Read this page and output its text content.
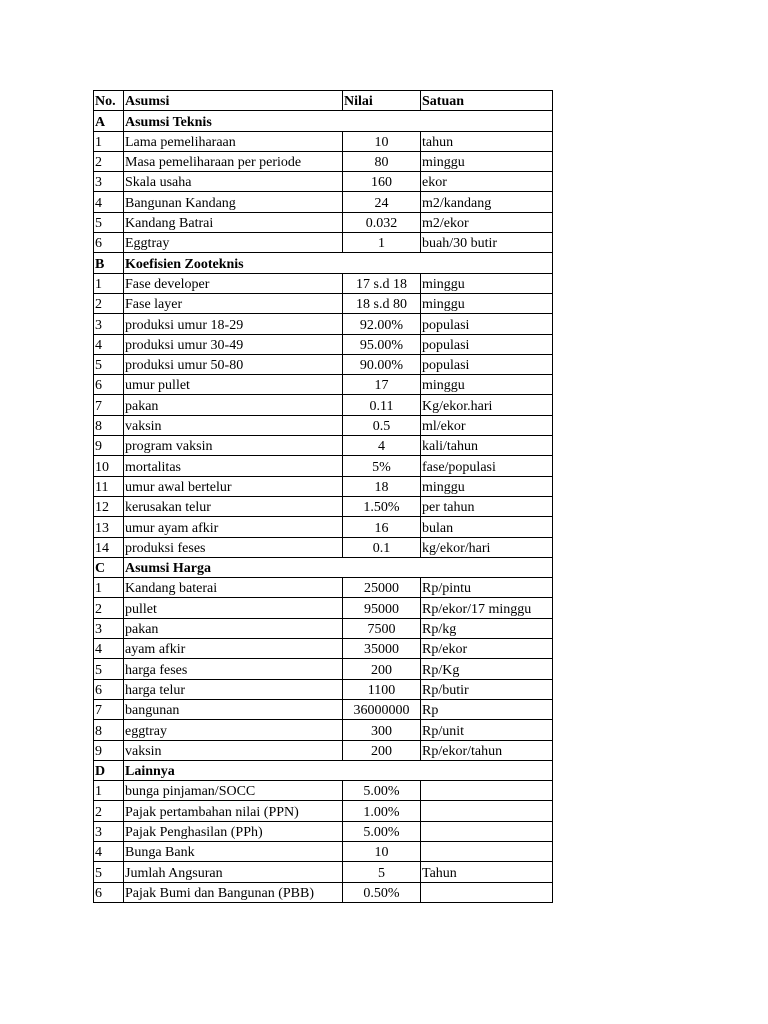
No.	Asumsi	Nilai	Satuan
A	Asumsi Teknis		
1	Lama pemeliharaan	10	tahun
2	Masa pemeliharaan per periode	80	minggu
3	Skala usaha	160	ekor
4	Bangunan Kandang	24	m2/kandang
5	Kandang Batrai	0.032	m2/ekor
6	Eggtray	1	buah/30 butir
B	Koefisien Zooteknis		
1	Fase developer	17 s.d 18	minggu
2	Fase layer	18 s.d 80	minggu
3	produksi umur 18-29	92.00%	populasi
4	produksi umur 30-49	95.00%	populasi
5	produksi umur 50-80	90.00%	populasi
6	umur pullet	17	minggu
7	pakan	0.11	Kg/ekor.hari
8	vaksin	0.5	ml/ekor
9	program vaksin	4	kali/tahun
10	mortalitas	5%	fase/populasi
11	umur awal bertelur	18	minggu
12	kerusakan telur	1.50%	per tahun
13	umur ayam afkir	16	bulan
14	produksi feses	0.1	kg/ekor/hari
C	Asumsi Harga		
1	Kandang baterai	25000	Rp/pintu
2	pullet	95000	Rp/ekor/17 minggu
3	pakan	7500	Rp/kg
4	ayam afkir	35000	Rp/ekor
5	harga feses	200	Rp/Kg
6	harga telur	1100	Rp/butir
7	bangunan	36000000	Rp
8	eggtray	300	Rp/unit
9	vaksin	200	Rp/ekor/tahun
D	Lainnya		
1	bunga pinjaman/SOCC	5.00%	
2	Pajak pertambahan nilai (PPN)	1.00%	
3	Pajak Penghasilan (PPh)	5.00%	
4	Bunga Bank	10	
5	Jumlah Angsuran	5	Tahun
6	Pajak Bumi dan Bangunan (PBB)	0.50%	
